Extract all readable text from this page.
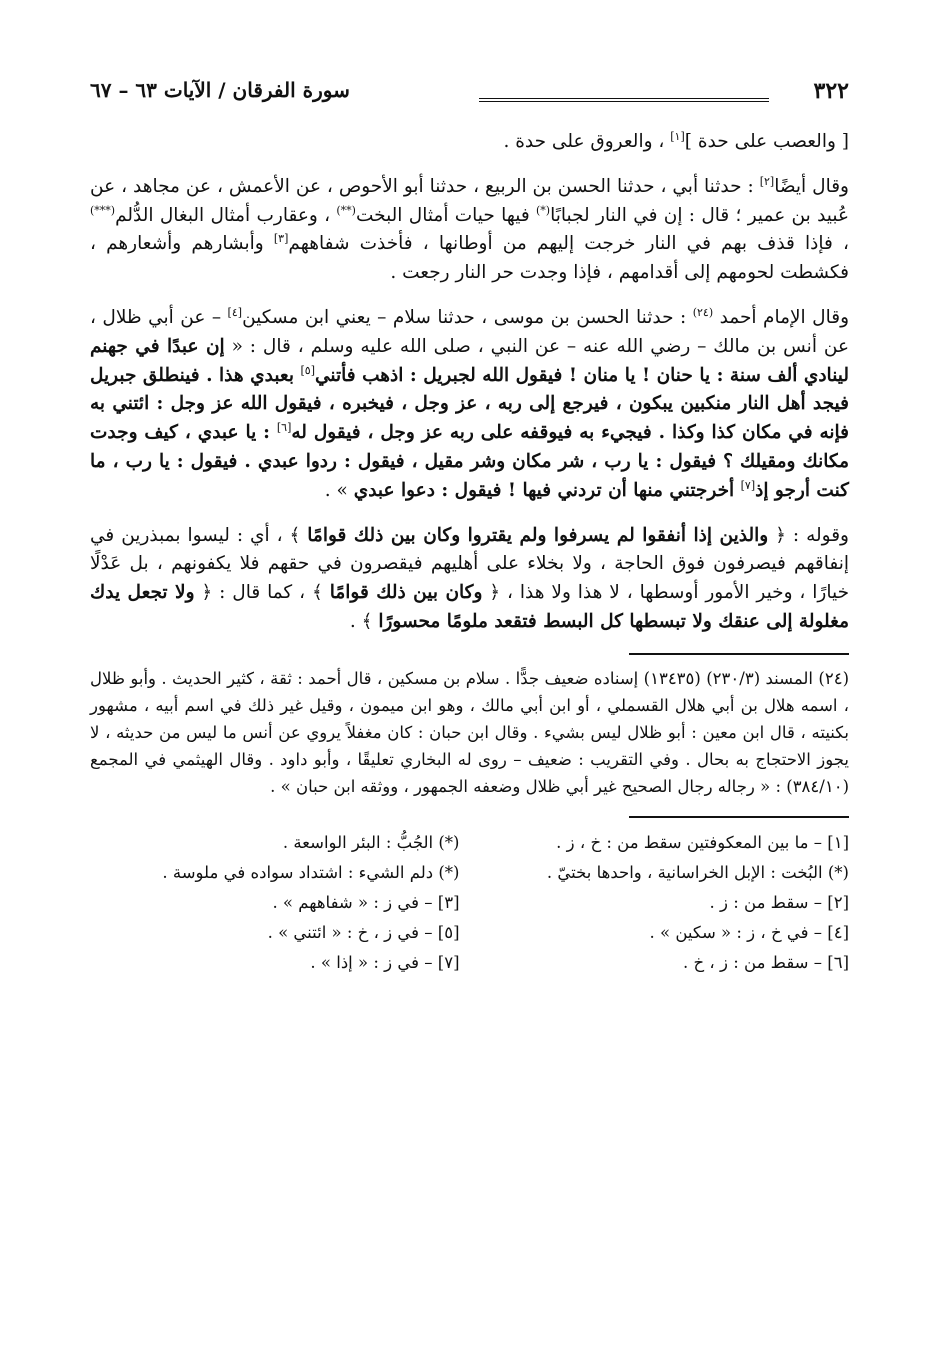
٣٢٢
سورة الفرقان / الآيات ٦٣ – ٦٧

[ والعصب على حدة ][١] ، والعروق على حدة .

وقال أيضًا[٢] : حدثنا أبي ، حدثنا الحسن بن الربيع ، حدثنا أبو الأحوص ، عن الأعمش ، عن مجاهد ، عن عُبيد بن عمير ؛ قال : إن في النار لجبابًا(*) فيها حيات أمثال البخت(**) ، وعقارب أمثال البغال الدُّلم(***) ، فإذا قذف بهم في النار خرجت إليهم من أوطانها ، فأخذت شفاههم[٣] وأبشارهم وأشعارهم ، فكشطت لحومهم إلى أقدامهم ، فإذا وجدت حر النار رجعت .

وقال الإمام أحمد $^{(٢٤)}$ : حدثنا الحسن بن موسى ، حدثنا سلام – يعني ابن مسكين[٤] – عن أبي ظلال ، عن أنس بن مالك – رضي الله عنه – عن النبي ، صلى الله عليه وسلم ، قال : « إن عبدًا في جهنم لينادي ألف سنة : يا حنان ! يا منان ! فيقول الله لجبريل : اذهب فأتني[٥] بعبدي هذا . فينطلق جبريل فيجد أهل النار منكبين يبكون ، فيرجع إلى ربه ، عز وجل ، فيخبره ، فيقول الله عز وجل : ائتني به فإنه في مكان كذا وكذا . فيجيء به فيوقفه على ربه عز وجل ، فيقول له[٦] : يا عبدي ، كيف وجدت مكانك ومقيلك ؟ فيقول : يا رب ، شر مكان وشر مقيل ، فيقول : ردوا عبدي . فيقول : يا رب ، ما كنت أرجو إذ[٧] أخرجتني منها أن تردني فيها ! فيقول : دعوا عبدي » .

وقوله : ﴿ والذين إذا أنفقوا لم يسرفوا ولم يقتروا وكان بين ذلك قوامًا ﴾ ، أي : ليسوا بمبذرين في إنفاقهم فيصرفون فوق الحاجة ، ولا بخلاء على أهليهم فيقصرون في حقهم فلا يكفونهم ، بل عَدْلًا خيارًا ، وخير الأمور أوسطها ، لا هذا ولا هذا ، ﴿ وكان بين ذلك قوامًا ﴾ ، كما قال : ﴿ ولا تجعل يدك مغلولة إلى عنقك ولا تبسطها كل البسط فتقعد ملومًا محسورًا ﴾ .

(٢٤) المسند (٢٣٠/٣) (١٣٤٣٥) إسناده ضعيف جدًّا . سلام بن مسكين ، قال أحمد : ثقة ، كثير الحديث . وأبو ظلال ، اسمه هلال بن أبي هلال القسملي ، أو ابن أبي مالك ، وهو ابن ميمون ، وقيل غير ذلك في اسم أبيه ، مشهور بكنيته ، قال ابن معين : أبو ظلال ليس بشيء . وقال ابن حبان : كان مغفلاً يروي عن أنس ما ليس من حديثه ، لا يجوز الاحتجاج به بحال . وفي التقريب : ضعيف – روى له البخاري تعليقًا ، وأبو داود . وقال الهيثمي في المجمع (٣٨٤/١٠) : « رجاله رجال الصحيح غير أبي ظلال وضعفه الجمهور ، ووثقه ابن حبان » .

[١] – ما بين المعكوفتين سقط من : خ ، ز .
(*) الجُبُّ : البئر الواسعة .
(*) البُخت : الإبل الخراسانية ، واحدها بختيّ .
(*) دلم الشيء : اشتداد سواده في ملوسة .
[٢] – سقط من : ز .
[٣] – في ز : « شفاههم » .
[٤] – في خ ، ز : « سكين » .
[٥] – في ز ، خ : « ائتني » .
[٦] – سقط من : ز ، خ .
[٧] – في ز : « إذا » .
